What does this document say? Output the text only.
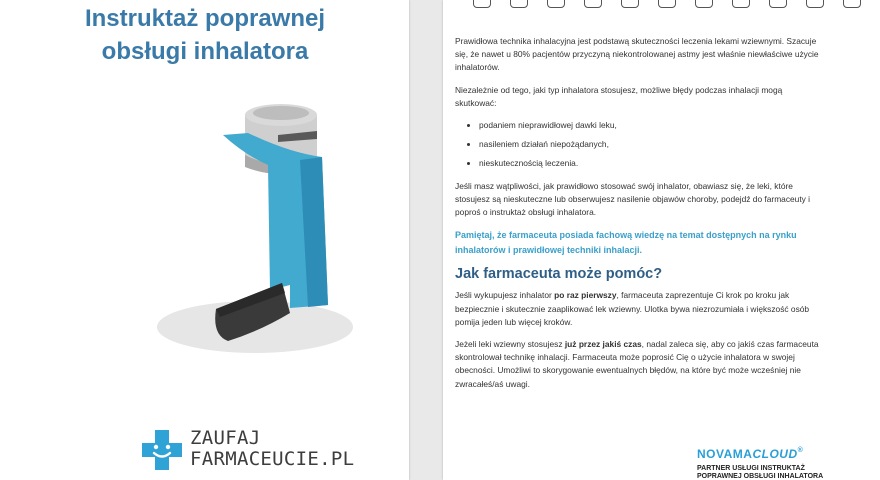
Instruktaż poprawnej
obsługi inhalatora
ZAUFAJ
FARMACEUCIE.PL

Prawidłowa technika inhalacyjna jest podstawą skuteczności leczenia lekami wziewnymi. Szacuje się, że nawet u 80% pacjentów przyczyną niekontrolowanej astmy jest właśnie niewłaściwe użycie inhalatorów.

Niezależnie od tego, jaki typ inhalatora stosujesz, możliwe błędy podczas inhalacji mogą skutkować:

• podaniem nieprawidłowej dawki leku,
• nasileniem działań niepożądanych,
• nieskutecznością leczenia.

Jeśli masz wątpliwości, jak prawidłowo stosować swój inhalator, obawiasz się, że leki, które stosujesz są nieskuteczne lub obserwujesz nasilenie objawów choroby, podejdź do farmaceuty i poproś o instruktaż obsługi inhalatora.

Pamiętaj, że farmaceuta posiada fachową wiedzę na temat dostępnych na rynku inhalatorów i prawidłowej techniki inhalacji.

Jak farmaceuta może pomóc?

Jeśli wykupujesz inhalator po raz pierwszy, farmaceuta zaprezentuje Ci krok po kroku jak bezpiecznie i skutecznie zaaplikować lek wziewny. Ulotka bywa niezrozumiała i większość osób pomija jeden lub więcej kroków.

Jeżeli leki wziewny stosujesz już przez jakiś czas, nadal zaleca się, aby co jakiś czas farmaceuta skontrolował technikę inhalacji. Farmaceuta może poprosić Cię o użycie inhalatora w swojej obecności. Umożliwi to skorygowanie ewentualnych błędów, na które być może wcześniej nie zwracałeś/aś uwagi.

NOVAMACLOUD®
PARTNER USŁUGI INSTRUKTAŻ
POPRAWNEJ OBSŁUGI INHALATORA
